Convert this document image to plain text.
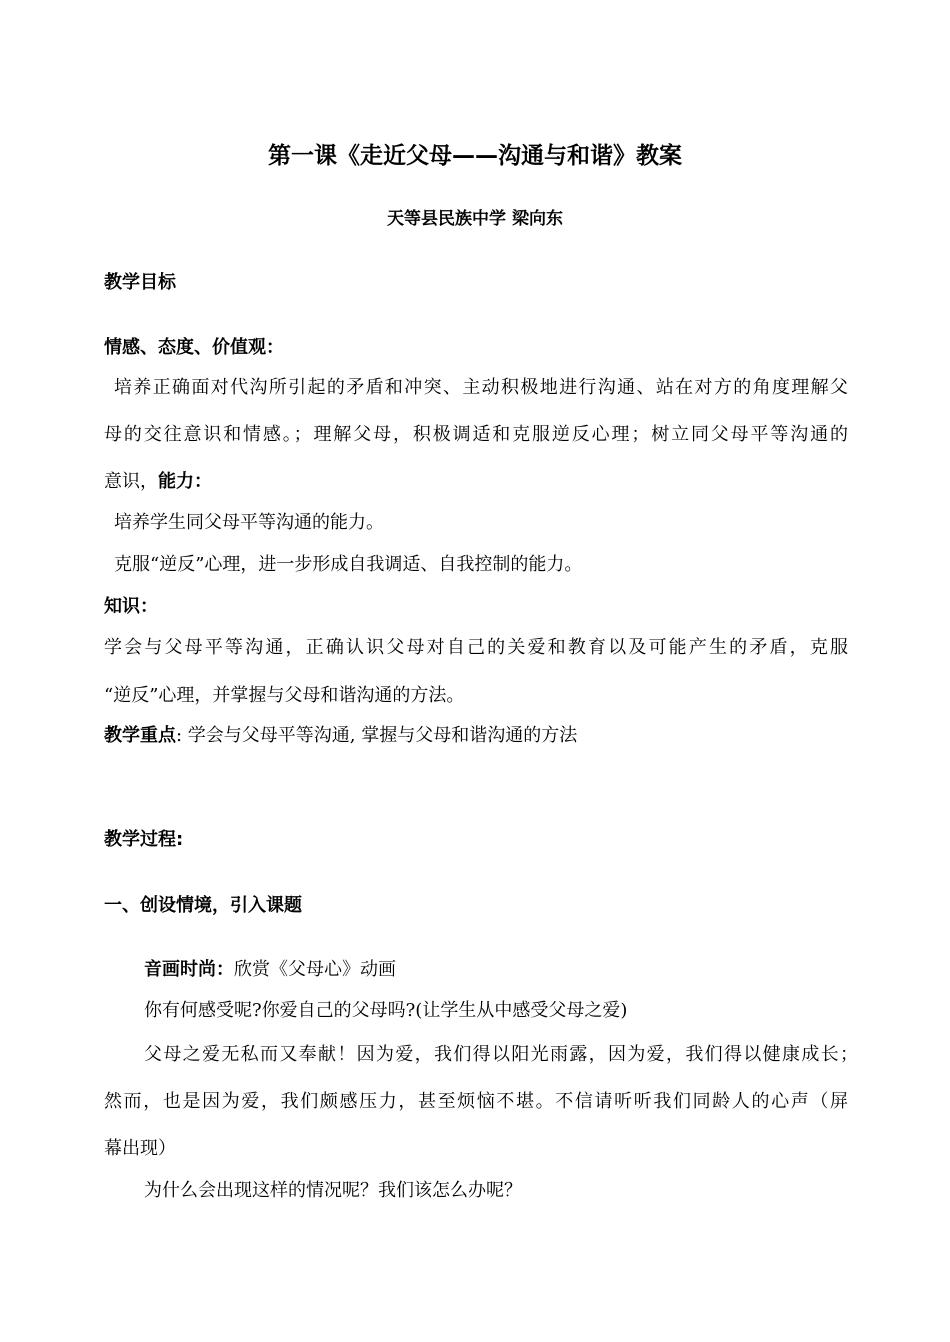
第一课《走近父母——沟通与和谐》教案
天等县民族中学 梁向东
教学目标
情感、态度、价值观：
培养正确面对代沟所引起的矛盾和冲突、主动积极地进行沟通、站在对方的角度理解父
母的交往意识和情感。；理解父母，积极调适和克服逆反心理；树立同父母平等沟通的
意识，能力：
培养学生同父母平等沟通的能力。
克服“逆反”心理，进一步形成自我调适、自我控制的能力。
知识：
学会与父母平等沟通，正确认识父母对自己的关爱和教育以及可能产生的矛盾，克服
“逆反”心理，并掌握与父母和谐沟通的方法。
教学重点: 学会与父母平等沟通, 掌握与父母和谐沟通的方法
教学过程:
一、创设情境，引入课题
音画时尚：欣赏《父母心》动画
你有何感受呢?你爱自己的父母吗?(让学生从中感受父母之爱)
父母之爱无私而又奉献！因为爱，我们得以阳光雨露，因为爱，我们得以健康成长；
然而，也是因为爱，我们颇感压力，甚至烦恼不堪。不信请听听我们同龄人的心声（屏
幕出现）
为什么会出现这样的情况呢？我们该怎么办呢？
